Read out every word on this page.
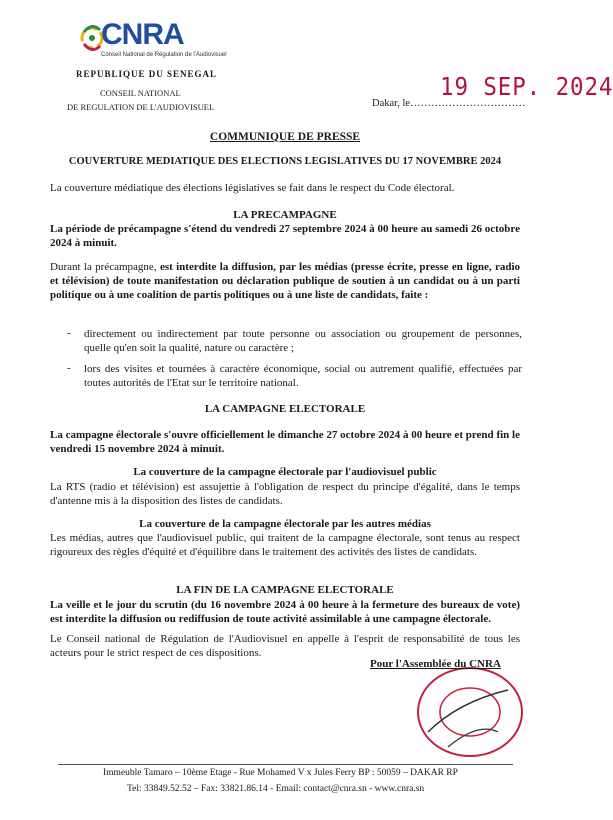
CNRA
Conseil National de Régulation de l'Audiovisuel
REPUBLIQUE DU SENEGAL
CONSEIL NATIONAL
DE REGULATION DE L'AUDIOVISUEL
19 SEP. 2024
Dakar, le……………………………
COMMUNIQUE DE PRESSE
COUVERTURE MEDIATIQUE DES ELECTIONS LEGISLATIVES DU 17 NOVEMBRE 2024
La couverture médiatique des élections législatives se fait dans le respect du Code électoral.
LA PRECAMPAGNE
La période de précampagne s'étend du vendredi 27 septembre 2024 à 00 heure au samedi 26 octobre 2024 à minuit.
Durant la précampagne, est interdite la diffusion, par les médias (presse écrite, presse en ligne, radio et télévision) de toute manifestation ou déclaration publique de soutien à un candidat ou à un parti politique ou à une coalition de partis politiques ou à une liste de candidats, faite :
- directement ou indirectement par toute personne ou association ou groupement de personnes, quelle qu'en soit la qualité, nature ou caractère ;
- lors des visites et tournées à caractère économique, social ou autrement qualifié, effectuées par toutes autorités de l'Etat sur le territoire national.
LA CAMPAGNE ELECTORALE
La campagne électorale s'ouvre officiellement le dimanche 27 octobre 2024 à 00 heure et prend fin le vendredi 15 novembre 2024 à minuit.
La couverture de la campagne électorale par l'audiovisuel public
La RTS (radio et télévision) est assujettie à l'obligation de respect du principe d'égalité, dans le temps d'antenne mis à la disposition des listes de candidats.
La couverture de la campagne électorale par les autres médias
Les médias, autres que l'audiovisuel public, qui traitent de la campagne électorale, sont tenus au respect rigoureux des règles d'équité et d'équilibre dans le traitement des activités des listes de candidats.
LA FIN DE LA CAMPAGNE ELECTORALE
La veille et le jour du scrutin (du 16 novembre 2024 à 00 heure à la fermeture des bureaux de vote) est interdite la diffusion ou rediffusion de toute activité assimilable à une campagne électorale.
Le Conseil national de Régulation de l'Audiovisuel en appelle à l'esprit de responsabilité de tous les acteurs pour le strict respect de ces dispositions.
Pour l'Assemblée du CNRA
Immeuble Tamaro – 10ème Etage - Rue Mohamed V x Jules Ferry BP : 50059 – DAKAR RP
Tel: 33849.52.52 – Fax: 33821.86.14 - Email: contact@cnra.sn - www.cnra.sn
